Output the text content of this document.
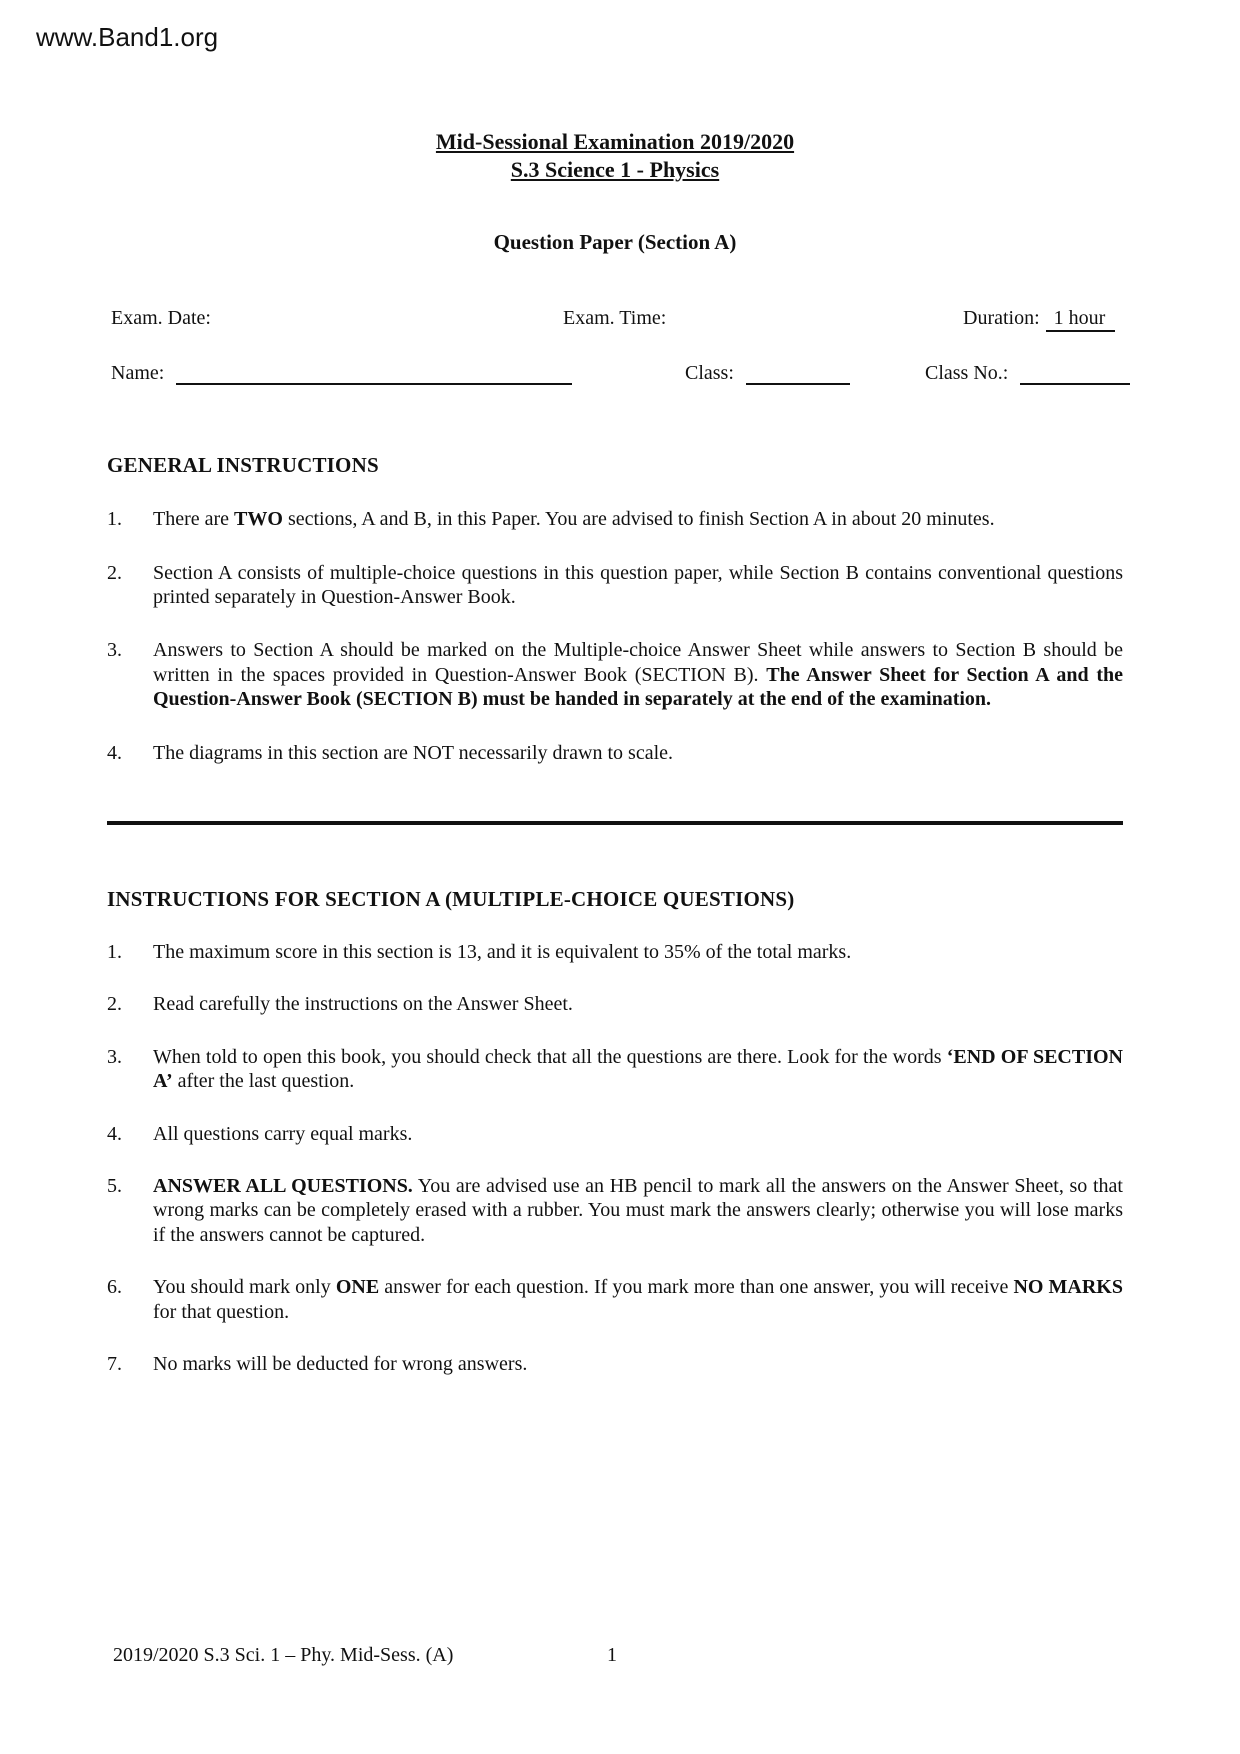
www.Band1.org
Mid-Sessional Examination 2019/2020
S.3 Science 1 - Physics
Question Paper (Section A)
Exam. Date:	Exam. Time:	Duration: 1 hour
Name:	Class:	Class No.:
GENERAL INSTRUCTIONS
1.	There are TWO sections, A and B, in this Paper. You are advised to finish Section A in about 20 minutes.
2.	Section A consists of multiple-choice questions in this question paper, while Section B contains conventional questions printed separately in Question-Answer Book.
3.	Answers to Section A should be marked on the Multiple-choice Answer Sheet while answers to Section B should be written in the spaces provided in Question-Answer Book (SECTION B). The Answer Sheet for Section A and the Question-Answer Book (SECTION B) must be handed in separately at the end of the examination.
4.	The diagrams in this section are NOT necessarily drawn to scale.
INSTRUCTIONS FOR SECTION A (MULTIPLE-CHOICE QUESTIONS)
1.	The maximum score in this section is 13, and it is equivalent to 35% of the total marks.
2.	Read carefully the instructions on the Answer Sheet.
3.	When told to open this book, you should check that all the questions are there. Look for the words ‘END OF SECTION A’ after the last question.
4.	All questions carry equal marks.
5.	ANSWER ALL QUESTIONS. You are advised use an HB pencil to mark all the answers on the Answer Sheet, so that wrong marks can be completely erased with a rubber. You must mark the answers clearly; otherwise you will lose marks if the answers cannot be captured.
6.	You should mark only ONE answer for each question. If you mark more than one answer, you will receive NO MARKS for that question.
7.	No marks will be deducted for wrong answers.
2019/2020 S.3 Sci. 1 – Phy. Mid-Sess. (A)	1
